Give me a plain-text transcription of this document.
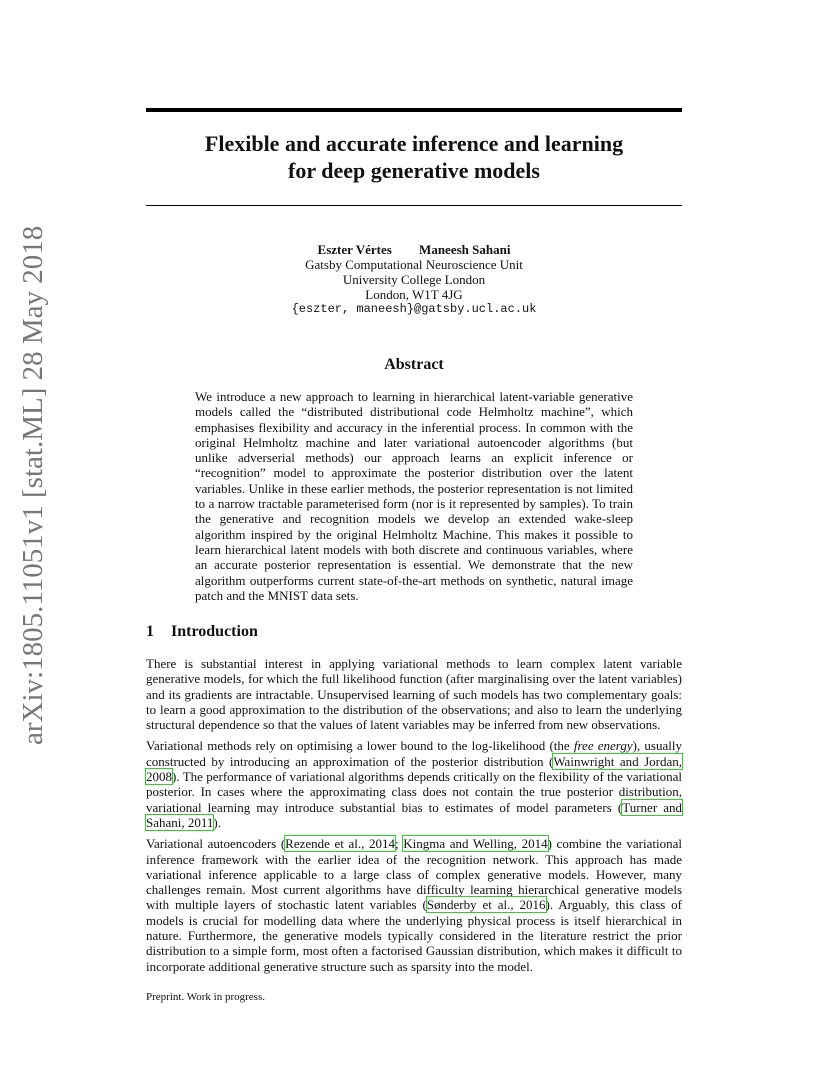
arXiv:1805.11051v1 [stat.ML] 28 May 2018
Flexible and accurate inference and learning
for deep generative models
Eszter Vértes Maneesh Sahani
Gatsby Computational Neuroscience Unit
University College London
London, W1T 4JG
{eszter, maneesh}@gatsby.ucl.ac.uk
Abstract
We introduce a new approach to learning in hierarchical latent-variable generative models called the “distributed distributional code Helmholtz machine”, which emphasises flexibility and accuracy in the inferential process. In common with the original Helmholtz machine and later variational autoencoder algorithms (but unlike adverserial methods) our approach learns an explicit inference or “recognition” model to approximate the posterior distribution over the latent variables. Unlike in these earlier methods, the posterior representation is not limited to a narrow tractable parameterised form (nor is it represented by samples). To train the generative and recognition models we develop an extended wake-sleep algorithm inspired by the original Helmholtz Machine. This makes it possible to learn hierarchical latent models with both discrete and continuous variables, where an accurate posterior representation is essential. We demonstrate that the new algorithm outperforms current state-of-the-art methods on synthetic, natural image patch and the MNIST data sets.
1 Introduction

There is substantial interest in applying variational methods to learn complex latent variable generative models, for which the full likelihood function (after marginalising over the latent variables) and its gradients are intractable. Unsupervised learning of such models has two complementary goals: to learn a good approximation to the distribution of the observations; and also to learn the underlying structural dependence so that the values of latent variables may be inferred from new observations.

Variational methods rely on optimising a lower bound to the log-likelihood (the free energy), usually constructed by introducing an approximation of the posterior distribution (Wainwright and Jordan, 2008). The performance of variational algorithms depends critically on the flexibility of the variational posterior. In cases where the approximating class does not contain the true posterior distribution, variational learning may introduce substantial bias to estimates of model parameters (Turner and Sahani, 2011).

Variational autoencoders (Rezende et al., 2014; Kingma and Welling, 2014) combine the variational inference framework with the earlier idea of the recognition network. This approach has made variational inference applicable to a large class of complex generative models. However, many challenges remain. Most current algorithms have difficulty learning hierarchical generative models with multiple layers of stochastic latent variables (Sønderby et al., 2016). Arguably, this class of models is crucial for modelling data where the underlying physical process is itself hierarchical in nature. Furthermore, the generative models typically considered in the literature restrict the prior distribution to a simple form, most often a factorised Gaussian distribution, which makes it difficult to incorporate additional generative structure such as sparsity into the model.

Preprint. Work in progress.
